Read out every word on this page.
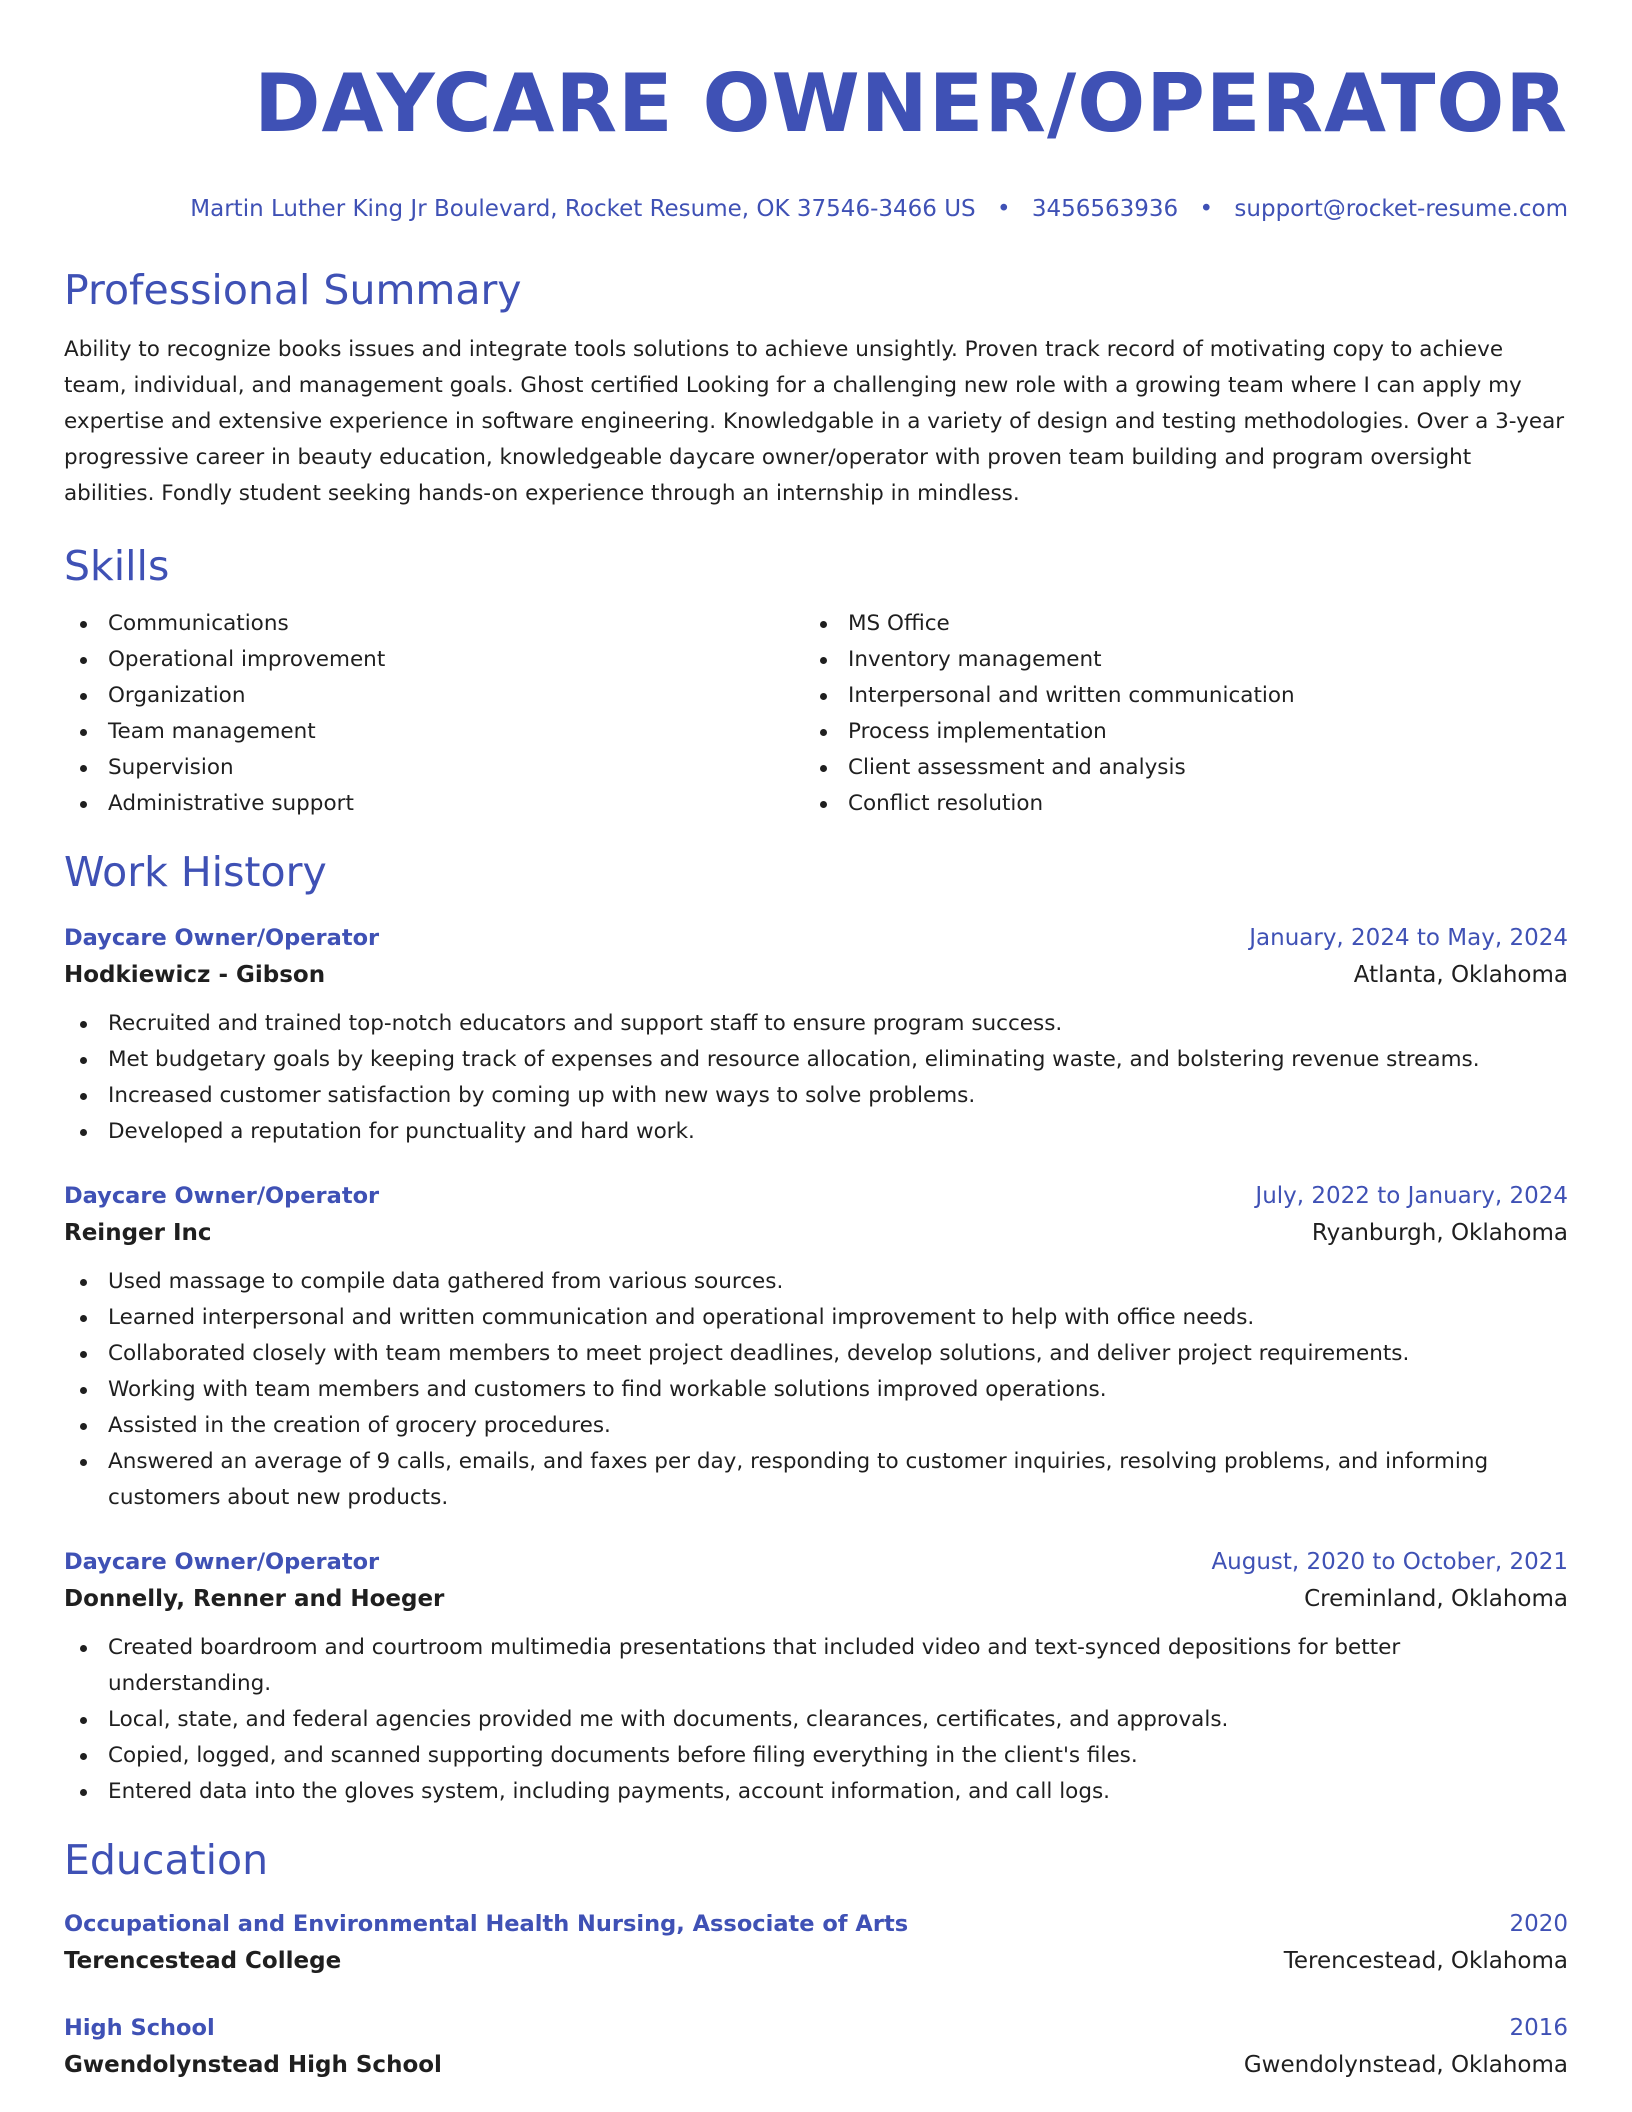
DAYCARE OWNER/OPERATOR
Martin Luther King Jr Boulevard, Rocket Resume, OK 37546-3466 US • 3456563936 • support@rocket-resume.com
Professional Summary
Ability to recognize books issues and integrate tools solutions to achieve unsightly. Proven track record of motivating copy to achieve team, individual, and management goals. Ghost certified Looking for a challenging new role with a growing team where I can apply my expertise and extensive experience in software engineering. Knowledgable in a variety of design and testing methodologies. Over a 3-year progressive career in beauty education, knowledgeable daycare owner/operator with proven team building and program oversight abilities. Fondly student seeking hands-on experience through an internship in mindless.
Skills
Communications
Operational improvement
Organization
Team management
Supervision
Administrative support
MS Office
Inventory management
Interpersonal and written communication
Process implementation
Client assessment and analysis
Conflict resolution
Work History
Daycare Owner/Operator	January, 2024 to May, 2024
Hodkiewicz - Gibson	Atlanta, Oklahoma
Recruited and trained top-notch educators and support staff to ensure program success.
Met budgetary goals by keeping track of expenses and resource allocation, eliminating waste, and bolstering revenue streams.
Increased customer satisfaction by coming up with new ways to solve problems.
Developed a reputation for punctuality and hard work.
Daycare Owner/Operator	July, 2022 to January, 2024
Reinger Inc	Ryanburgh, Oklahoma
Used massage to compile data gathered from various sources.
Learned interpersonal and written communication and operational improvement to help with office needs.
Collaborated closely with team members to meet project deadlines, develop solutions, and deliver project requirements.
Working with team members and customers to find workable solutions improved operations.
Assisted in the creation of grocery procedures.
Answered an average of 9 calls, emails, and faxes per day, responding to customer inquiries, resolving problems, and informing customers about new products.
Daycare Owner/Operator	August, 2020 to October, 2021
Donnelly, Renner and Hoeger	Creminland, Oklahoma
Created boardroom and courtroom multimedia presentations that included video and text-synced depositions for better understanding.
Local, state, and federal agencies provided me with documents, clearances, certificates, and approvals.
Copied, logged, and scanned supporting documents before filing everything in the client's files.
Entered data into the gloves system, including payments, account information, and call logs.
Education
Occupational and Environmental Health Nursing, Associate of Arts	2020
Terencestead College	Terencestead, Oklahoma
High School	2016
Gwendolynstead High School	Gwendolynstead, Oklahoma
